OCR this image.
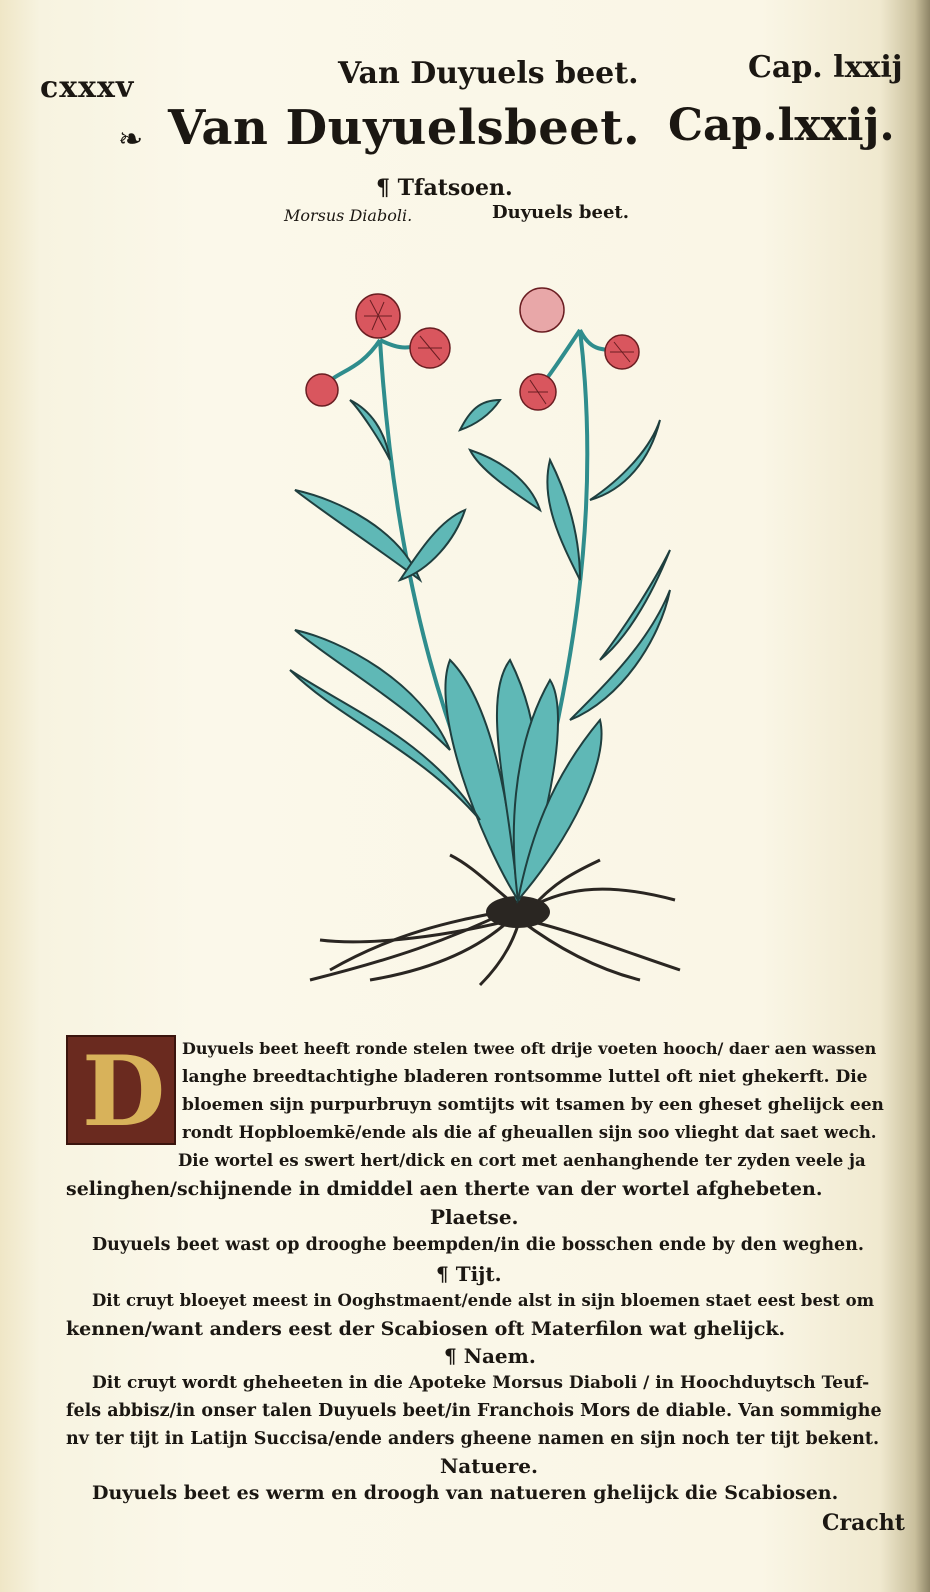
cxxxv	Van Duyuels beet.	Cap. lxxij
❧ Van Duyuelsbeet. Cap.lxxij.
¶ Tfatsoen.
Morsus Diaboli.	Duyuels beet.
D Duyuels beet heeft ronde stelen twee oft drije voeten hooch/ daer aen wassen
langhe breedtachtighe bladeren rontsomme luttel oft niet ghekerft. Die
bloemen sijn purpurbruyn somtijts wit tsamen by een gheset ghelijck een
rondt Hopbloemkē/ende als die af gheuallen sijn soo vlieght dat saet wech.
Die wortel es swert hert/dick en cort met aenhanghende ter zyden veele ja
selinghen/schijnende in dmiddel aen therte van der wortel afghebeten.
Plaetse.
Duyuels beet wast op drooghe beempden/in die bosschen ende by den weghen.
¶ Tijt.
Dit cruyt bloeyet meest in Ooghstmaent/ende alst in sijn bloemen staet eest best om
kennen/want anders eest der Scabiosen oft Materfilon wat ghelijck.
¶ Naem.
Dit cruyt wordt gheheeten in die Apoteke Morsus Diaboli / in Hoochduytsch Teuf-
fels abbisz/in onser talen Duyuels beet/in Franchois Mors de diable. Van sommighe
nv ter tijt in Latijn Succisa/ende anders gheene namen en sijn noch ter tijt bekent.
Natuere.
Duyuels beet es werm en droogh van natueren ghelijck die Scabiosen.
Cracht
